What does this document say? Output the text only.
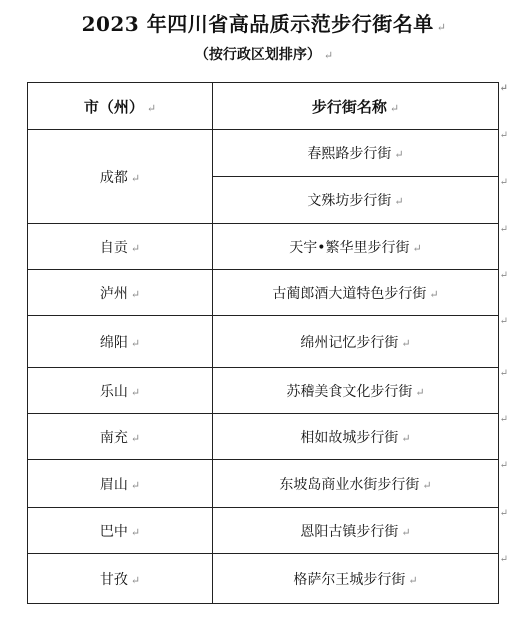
2023 年四川省高品质示范步行街名单 ↵
（按行政区划排序） ↵
市（州） ↵	步行街名称 ↵
↵

成都 ↵	春熙路步行街 ↵
↵

	文殊坊步行街 ↵
↵

自贡 ↵	天宇•繁华里步行街 ↵
↵

泸州 ↵	古蔺郎酒大道特色步行街 ↵
↵

绵阳 ↵	绵州记忆步行街 ↵
↵

乐山 ↵	苏稽美食文化步行街 ↵
↵

南充 ↵	相如故城步行街 ↵
↵

眉山 ↵	东坡岛商业水街步行街 ↵
↵

巴中 ↵	恩阳古镇步行街 ↵
↵

甘孜 ↵	格萨尔王城步行街 ↵
↵
